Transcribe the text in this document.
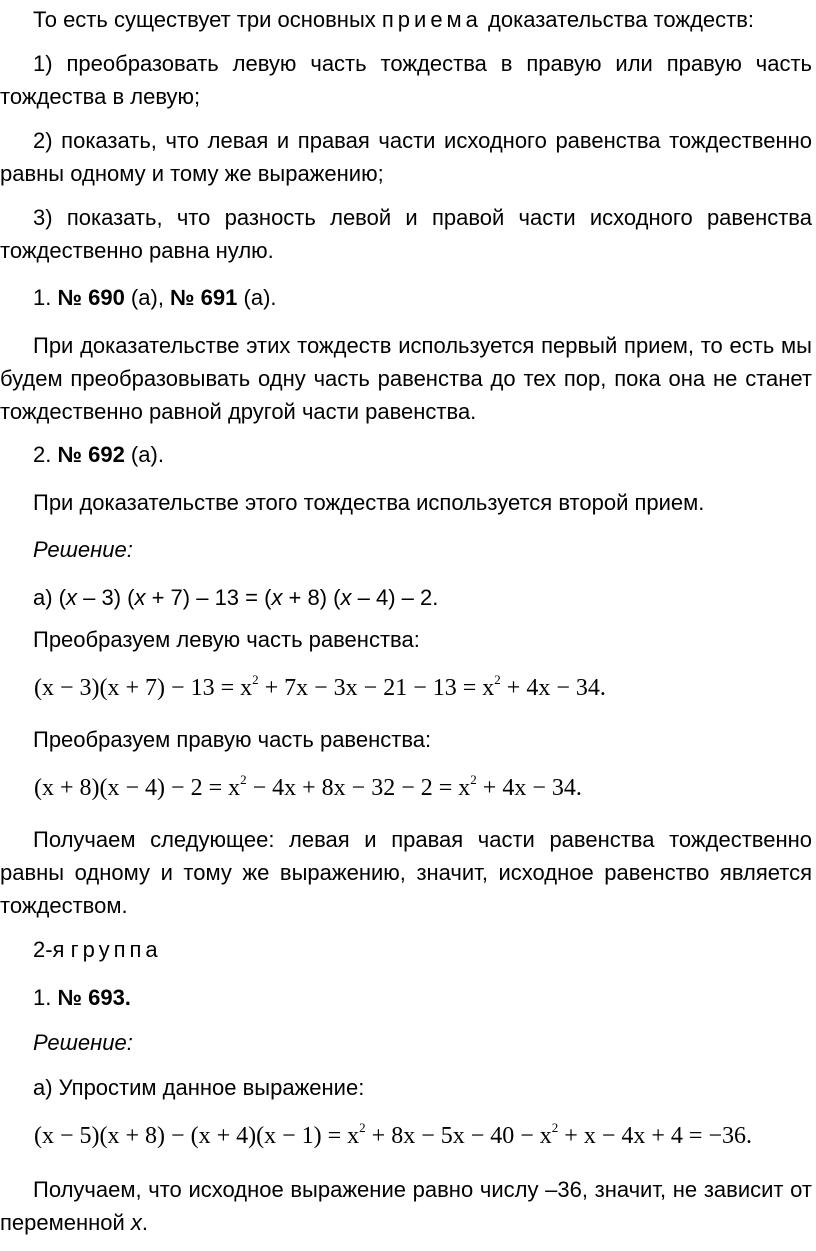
То есть существует три основных приема доказательства тождеств:

1) преобразовать левую часть тождества в правую или правую часть тождества в левую;

2) показать, что левая и правая части исходного равенства тождественно равны одному и тому же выражению;

3) показать, что разность левой и правой части исходного равенства тождественно равна нулю.

1. № 690 (а), № 691 (а).

При доказательстве этих тождеств используется первый прием, то есть мы будем преобразовывать одну часть равенства до тех пор, пока она не станет тождественно равной другой части равенства.

2. № 692 (а).

При доказательстве этого тождества используется второй прием.

Решение:

а) (x – 3) (x + 7) – 13 = (x + 8) (x – 4) – 2.

Преобразуем левую часть равенства:

$(x - 3)(x + 7) - 13 = x^2 + 7x - 3x - 21 - 13 = x^2 + 4x - 34$.

Преобразуем правую часть равенства:

$(x + 8)(x - 4) - 2 = x^2 - 4x + 8x - 32 - 2 = x^2 + 4x - 34$.

Получаем следующее: левая и правая части равенства тождественно равны одному и тому же выражению, значит, исходное равенство является тождеством.

2-я группа

1. № 693.

Решение:

а) Упростим данное выражение:

$(x - 5)(x + 8) - (x + 4)(x - 1) = x^2 + 8x - 5x - 40 - x^2 + x - 4x + 4 = -36$.

Получаем, что исходное выражение равно числу –36, значит, не зависит от переменной x.
